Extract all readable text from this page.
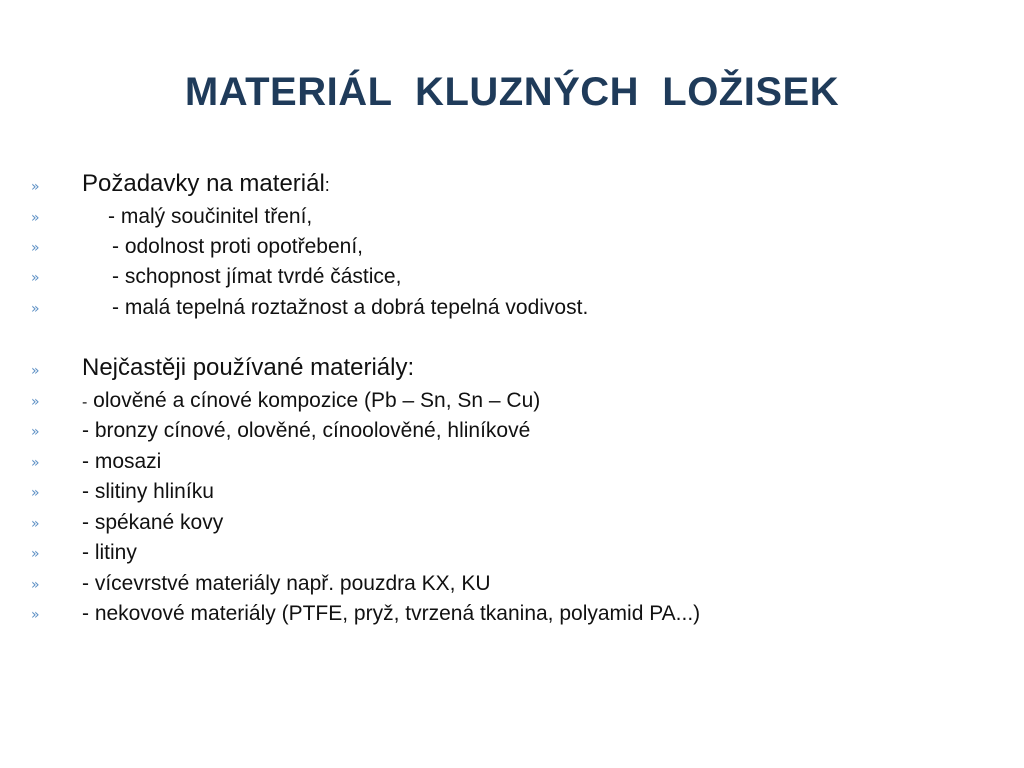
MATERIÁL  KLUZNÝCH  LOŽISEK
» Požadavky na materiál:
»	- malý součinitel tření,
»	- odolnost proti opotřebení,
»	- schopnost jímat tvrdé částice,
»	- malá tepelná roztažnost a dobrá tepelná vodivost.
» Nejčastěji používané materiály:
»	- olověné a cínové kompozice (Pb – Sn, Sn – Cu)
» - bronzy cínové, olověné, cínoolověné, hliníkové
» - mosazi
» - slitiny hliníku
» - spékané kovy
» - litiny
» - vícevrstvé materiály např. pouzdra KX, KU
» - nekovové materiály (PTFE, pryž, tvrzená tkanina, polyamid PA...)
